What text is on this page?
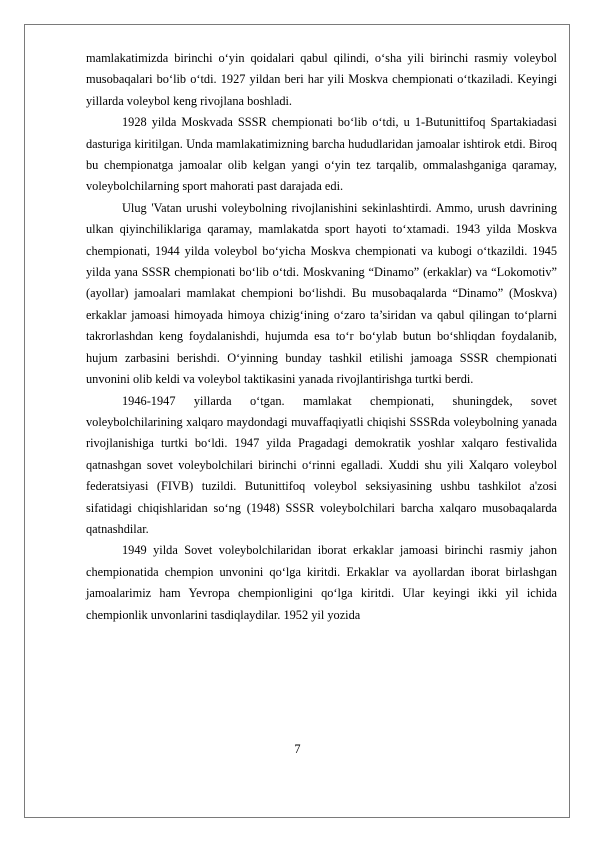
mamlakatimizda birinchi o‘yin qoidalari qabul qilindi, o‘sha yili birinchi rasmiy voleybol musobaqalari bo‘lib o‘tdi. 1927 yildan beri har yili Moskva chempionati o‘tkaziladi. Keyingi yillarda voleybol keng rivojlana boshladi.

1928 yilda Moskvada SSSR chempionati bo‘lib o‘tdi, u 1-Butunittifoq Spartakiadasi dasturiga kiritilgan. Unda mamlakatimizning barcha hududlaridan jamoalar ishtirok etdi. Biroq bu chempionatga jamoalar olib kelgan yangi o‘yin tez tarqalib, ommalashganiga qaramay, voleybolchilarning sport mahorati past darajada edi.

Ulug 'Vatan urushi voleybolning rivojlanishini sekinlashtirdi. Ammo, urush davrining ulkan qiyinchiliklariga qaramay, mamlakatda sport hayoti to‘xtamadi. 1943 yilda Moskva chempionati, 1944 yilda voleybol bo‘yicha Moskva chempionati va kubogi o‘tkazildi. 1945 yilda yana SSSR chempionati bo‘lib o‘tdi. Moskvaning “Dinamo” (erkaklar) va “Lokomotiv” (ayollar) jamoalari mamlakat chempioni bo‘lishdi. Bu musobaqalarda “Dinamo” (Moskva) erkaklar jamoasi himoyada himoya chizig‘ining o‘zaro ta’siridan va qabul qilingan to‘plarni takrorlashdan keng foydalanishdi, hujumda esa to‘r bo‘ylab butun bo‘shliqdan foydalanib, hujum zarbasini berishdi. O‘yinning bunday tashkil etilishi jamoaga SSSR chempionati unvonini olib keldi va voleybol taktikasini yanada rivojlantirishga turtki berdi.

1946-1947 yillarda o‘tgan. mamlakat chempionati, shuningdek, sovet voleybolchilarining xalqaro maydondagi muvaffaqiyatli chiqishi SSSRda voleybolning yanada rivojlanishiga turtki bo‘ldi. 1947 yilda Pragadagi demokratik yoshlar xalqaro festivalida qatnashgan sovet voleybolchilari birinchi o‘rinni egalladi. Xuddi shu yili Xalqaro voleybol federatsiyasi (FIVB) tuzildi. Butunittifoq voleybol seksiyasining ushbu tashkilot a'zosi sifatidagi chiqishlaridan so‘ng (1948) SSSR voleybolchilari barcha xalqaro musobaqalarda qatnashdilar.

1949 yilda Sovet voleybolchilaridan iborat erkaklar jamoasi birinchi rasmiy jahon chempionatida chempion unvonini qo‘lga kiritdi. Erkaklar va ayollardan iborat birlashgan jamoalarimiz ham Yevropa chempionligini qo‘lga kiritdi. Ular keyingi ikki yil ichida chempionlik unvonlarini tasdiqlaydilar. 1952 yil yozida

7
